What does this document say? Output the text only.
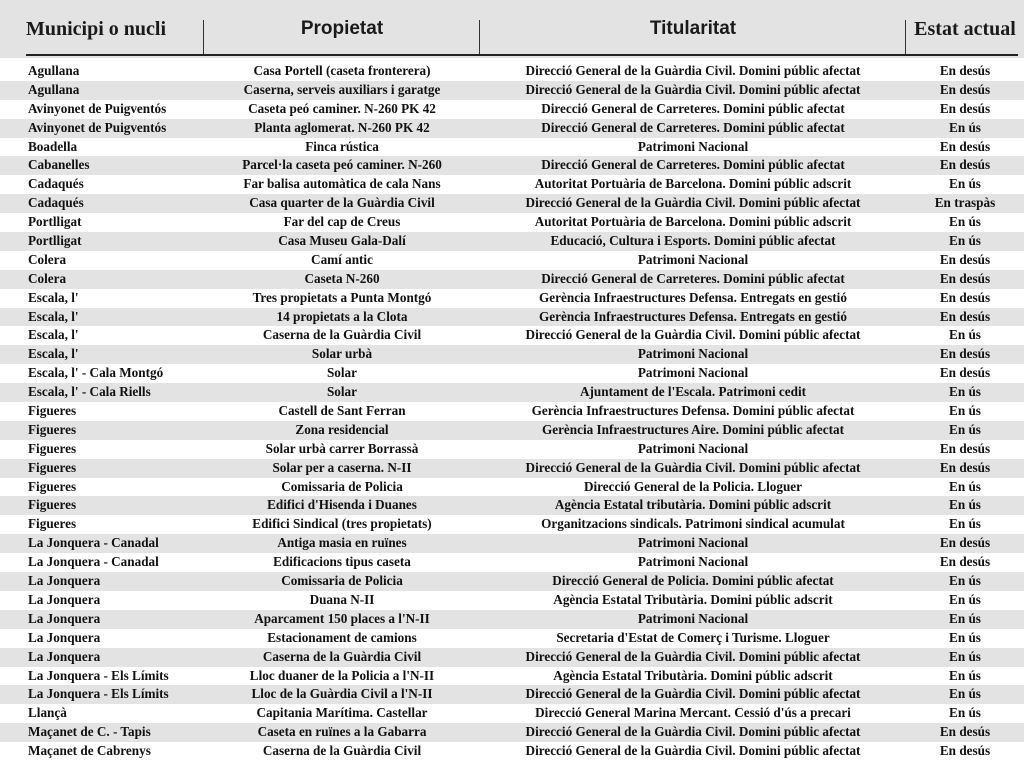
Municipi o nucli	Propietat	Titularitat	Estat actual
Agullana	Casa Portell (caseta fronterera)	Direcció General de la Guàrdia Civil. Domini públic afectat	En desús
Agullana	Caserna, serveis auxiliars i garatge	Direcció General de la Guàrdia Civil. Domini públic afectat	En desús
Avinyonet de Puigventós	Caseta peó caminer. N-260 PK 42	Direcció General de Carreteres. Domini públic afectat	En desús
Avinyonet de Puigventós	Planta aglomerat. N-260 PK 42	Direcció General de Carreteres. Domini públic afectat	En ús
Boadella	Finca rústica	Patrimoni Nacional	En desús
Cabanelles	Parcel·la caseta peó caminer. N-260	Direcció General de Carreteres. Domini públic afectat	En desús
Cadaqués	Far balisa automàtica de cala Nans	Autoritat Portuària de Barcelona. Domini públic adscrit	En ús
Cadaqués	Casa quarter de la Guàrdia Civil	Direcció General de la Guàrdia Civil. Domini públic afectat	En traspàs
Portlligat	Far del cap de Creus	Autoritat Portuària de Barcelona. Domini públic adscrit	En ús
Portlligat	Casa Museu Gala-Dalí	Educació, Cultura i Esports. Domini públic afectat	En ús
Colera	Camí antic	Patrimoni Nacional	En desús
Colera	Caseta N-260	Direcció General de Carreteres. Domini públic afectat	En desús
Escala, l'	Tres propietats a Punta Montgó	Gerència Infraestructures Defensa. Entregats en gestió	En desús
Escala, l'	14 propietats a la Clota	Gerència Infraestructures Defensa. Entregats en gestió	En desús
Escala, l'	Caserna de la Guàrdia Civil	Direcció General de la Guàrdia Civil. Domini públic afectat	En ús
Escala, l'	Solar urbà	Patrimoni Nacional	En desús
Escala, l' - Cala Montgó	Solar	Patrimoni Nacional	En desús
Escala, l' - Cala Riells	Solar	Ajuntament de l'Escala. Patrimoni cedit	En ús
Figueres	Castell de Sant Ferran	Gerència Infraestructures Defensa. Domini públic afectat	En ús
Figueres	Zona residencial	Gerència Infraestructures Aire. Domini públic afectat	En ús
Figueres	Solar urbà carrer Borrassà	Patrimoni Nacional	En desús
Figueres	Solar per a caserna. N-II	Direcció General de la Guàrdia Civil. Domini públic afectat	En desús
Figueres	Comissaria de Policia	Direcció General de la Policia. Lloguer	En ús
Figueres	Edifici d'Hisenda i Duanes	Agència Estatal tributària. Domini públic adscrit	En ús
Figueres	Edifici Sindical (tres propietats)	Organitzacions sindicals. Patrimoni sindical acumulat	En ús
La Jonquera - Canadal	Antiga masia en ruïnes	Patrimoni Nacional	En desús
La Jonquera - Canadal	Edificacions tipus caseta	Patrimoni Nacional	En desús
La Jonquera	Comissaria de Policia	Direcció General de Policia. Domini públic afectat	En ús
La Jonquera	Duana N-II	Agència Estatal Tributària. Domini públic adscrit	En ús
La Jonquera	Aparcament 150 places a l'N-II	Patrimoni Nacional	En ús
La Jonquera	Estacionament de camions	Secretaria d'Estat de Comerç i Turisme. Lloguer	En ús
La Jonquera	Caserna de la Guàrdia Civil	Direcció General de la Guàrdia Civil. Domini públic afectat	En ús
La Jonquera - Els Límits	Lloc duaner de la Policia a l'N-II	Agència Estatal Tributària. Domini públic adscrit	En ús
La Jonquera - Els Límits	Lloc de la Guàrdia Civil a l'N-II	Direcció General de la Guàrdia Civil. Domini públic afectat	En ús
Llançà	Capitania Marítima. Castellar	Direcció General Marina Mercant. Cessió d'ús a precari	En ús
Maçanet de C. - Tapis	Caseta en ruïnes a la Gabarra	Direcció General de la Guàrdia Civil. Domini públic afectat	En desús
Maçanet de Cabrenys	Caserna de la Guàrdia Civil	Direcció General de la Guàrdia Civil. Domini públic afectat	En desús
